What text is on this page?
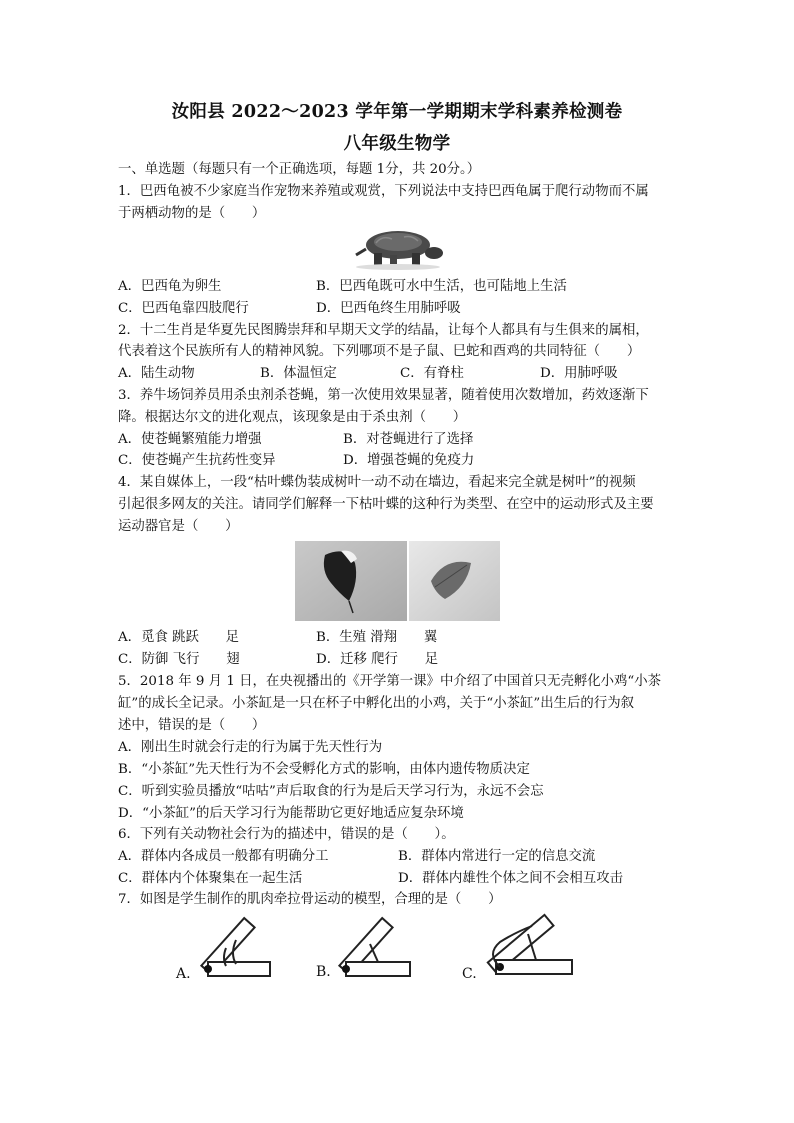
汝阳县 2022～2023 学年第一学期期末学科素养检测卷
八年级生物学
一、单选题（每题只有一个正确选项，每题 1分，共 20分。）
1．巴西龟被不少家庭当作宠物来养殖或观赏，下列说法中支持巴西龟属于爬行动物而不属
于两栖动物的是（　　）
A．巴西龟为卵生	B．巴西龟既可水中生活，也可陆地上生活
C．巴西龟靠四肢爬行	D．巴西龟终生用肺呼吸
2．十二生肖是华夏先民图腾崇拜和早期天文学的结晶，让每个人都具有与生俱来的属相，
代表着这个民族所有人的精神风貌。下列哪项不是子鼠、巳蛇和酉鸡的共同特征（　　）
A．陆生动物	B．体温恒定	C．有脊柱	D．用肺呼吸
3．养牛场饲养员用杀虫剂杀苍蝇，第一次使用效果显著，随着使用次数增加，药效逐渐下
降。根据达尔文的进化观点，该现象是由于杀虫剂（　　）
A．使苍蝇繁殖能力增强	B．对苍蝇进行了选择
C．使苍蝇产生抗药性变异	D．增强苍蝇的免疫力
4．某自媒体上，一段“枯叶蝶伪装成树叶一动不动在墙边，看起来完全就是树叶”的视频
引起很多网友的关注。请同学们解释一下枯叶蝶的这种行为类型、在空中的运动形式及主要
运动器官是（　　）
A．觅食 跳跃　　足	B．生殖 滑翔　　翼
C．防御 飞行　　翅	D．迁移 爬行　　足
5．2018 年 9 月 1 日，在央视播出的《开学第一课》中介绍了中国首只无壳孵化小鸡“小茶
缸”的成长全记录。小茶缸是一只在杯子中孵化出的小鸡，关于“小茶缸”出生后的行为叙
述中，错误的是（　　）
A．刚出生时就会行走的行为属于先天性行为
B．“小茶缸”先天性行为不会受孵化方式的影响，由体内遗传物质决定
C．听到实验员播放“咕咕”声后取食的行为是后天学习行为，永远不会忘
D．“小茶缸”的后天学习行为能帮助它更好地适应复杂环境
6．下列有关动物社会行为的描述中，错误的是（　　）。
A．群体内各成员一般都有明确分工	B．群体内常进行一定的信息交流
C．群体内个体聚集在一起生活	D．群体内雄性个体之间不会相互攻击
7．如图是学生制作的肌肉牵拉骨运动的模型，合理的是（　　）
A.	B.	C.
